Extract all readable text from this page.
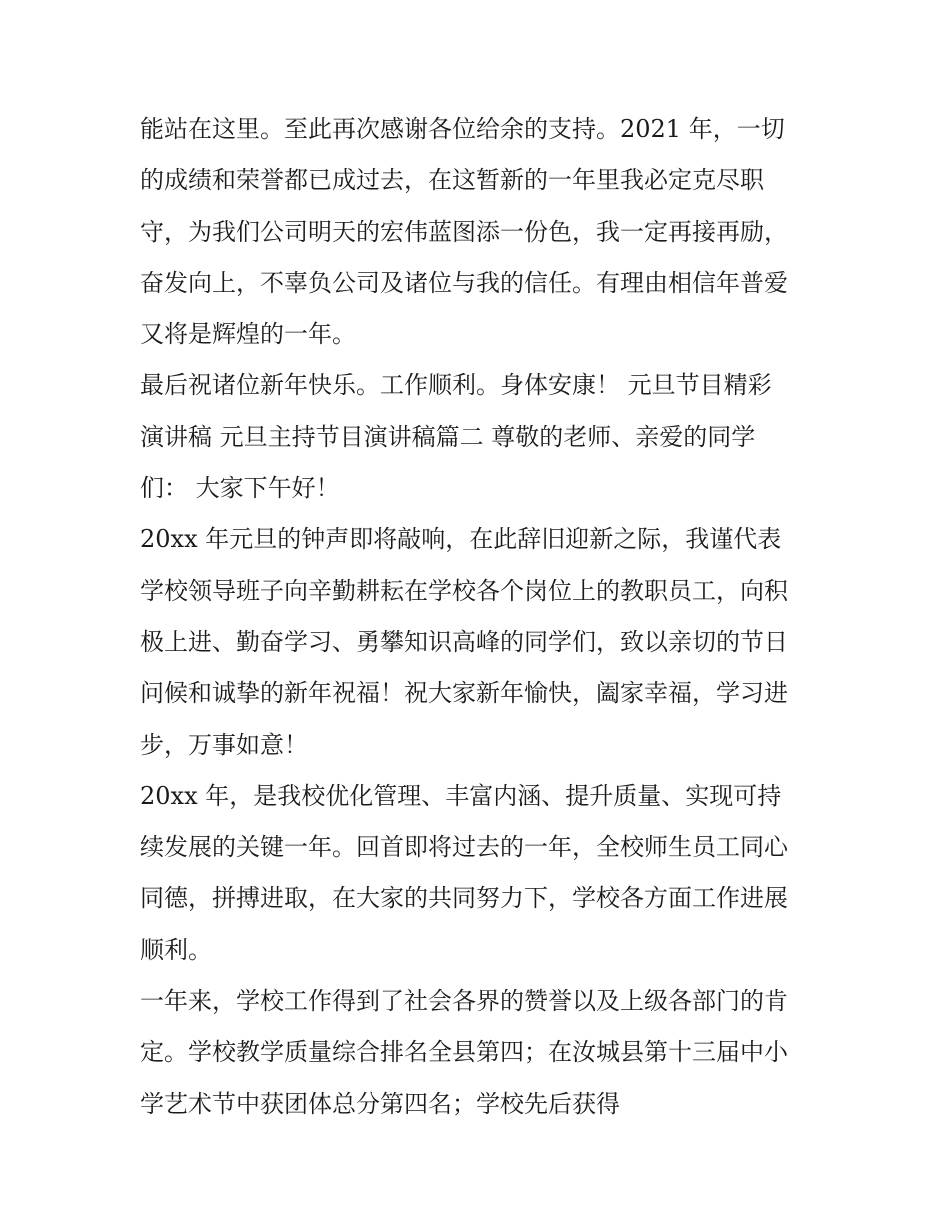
能站在这里。至此再次感谢各位给余的支持。2021 年，一切
的成绩和荣誉都已成过去，在这暂新的一年里我必定克尽职
守，为我们公司明天的宏伟蓝图添一份色，我一定再接再励，
奋发向上，不辜负公司及诸位与我的信任。有理由相信年普爱
又将是辉煌的一年。
最后祝诸位新年快乐。工作顺利。身体安康！ 元旦节目精彩
演讲稿 元旦主持节目演讲稿篇二 尊敬的老师、亲爱的同学
们： 大家下午好！
20xx 年元旦的钟声即将敲响，在此辞旧迎新之际，我谨代表
学校领导班子向辛勤耕耘在学校各个岗位上的教职员工，向积
极上进、勤奋学习、勇攀知识高峰的同学们，致以亲切的节日
问候和诚挚的新年祝福！祝大家新年愉快，阖家幸福，学习进
步，万事如意！
20xx 年，是我校优化管理、丰富内涵、提升质量、实现可持
续发展的关键一年。回首即将过去的一年，全校师生员工同心
同德，拼搏进取，在大家的共同努力下，学校各方面工作进展
顺利。
一年来，学校工作得到了社会各界的赞誉以及上级各部门的肯
定。学校教学质量综合排名全县第四；在汝城县第十三届中小
学艺术节中获团体总分第四名；学校先后获得
